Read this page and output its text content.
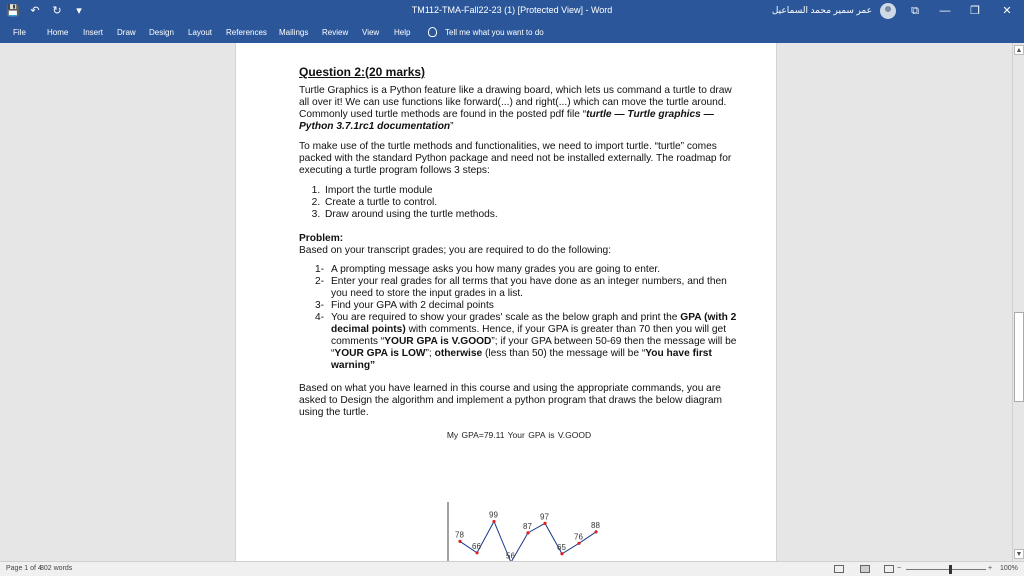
💾 ↶ ↻	▾	TM112-TMA-Fall22-23 (1) [Protected View] - Word	عمر سمير محمد السماعيل	⧉	—	❐	✕
File	Home Insert Draw Design Layout References Mailings Review View Help	Tell me what you want to do
Question 2:(20 marks)
Turtle Graphics is a Python feature like a drawing board, which lets us command a turtle to draw all over it! We can use functions like forward(...) and right(...) which can move the turtle around. Commonly used turtle methods are found in the posted pdf file “turtle — Turtle graphics — Python 3.7.1rc1 documentation”
To make use of the turtle methods and functionalities, we need to import turtle. “turtle” comes packed with the standard Python package and need not be installed externally. The roadmap for executing a turtle program follows 3 steps:
1. Import the turtle module
2. Create a turtle to control.
3. Draw around using the turtle methods.
Problem:
Based on your transcript grades; you are required to do the following:
1- A prompting message asks you how many grades you are going to enter.
2- Enter your real grades for all terms that you have done as an integer numbers, and then you need to store the input grades in a list.
3- Find your GPA with 2 decimal points
4- You are required to show your grades' scale as the below graph and print the GPA (with 2 decimal points) with comments. Hence, if your GPA is greater than 70 then you will get comments “YOUR GPA is V.GOOD”; if your GPA between 50-69 then the message will be “YOUR GPA is LOW”; otherwise (less than 50) the message will be “You have first warning”
Based on what you have learned in this course and using the appropriate commands, you are asked to Design the algorithm and implement a python program that draws the below diagram using the turtle.
My GPA=79.11 Your GPA is V.GOOD
78
66
99
56
87
97
65
76
88
▲
▼
Page 1 of 4
802 words	−	+ 100%
